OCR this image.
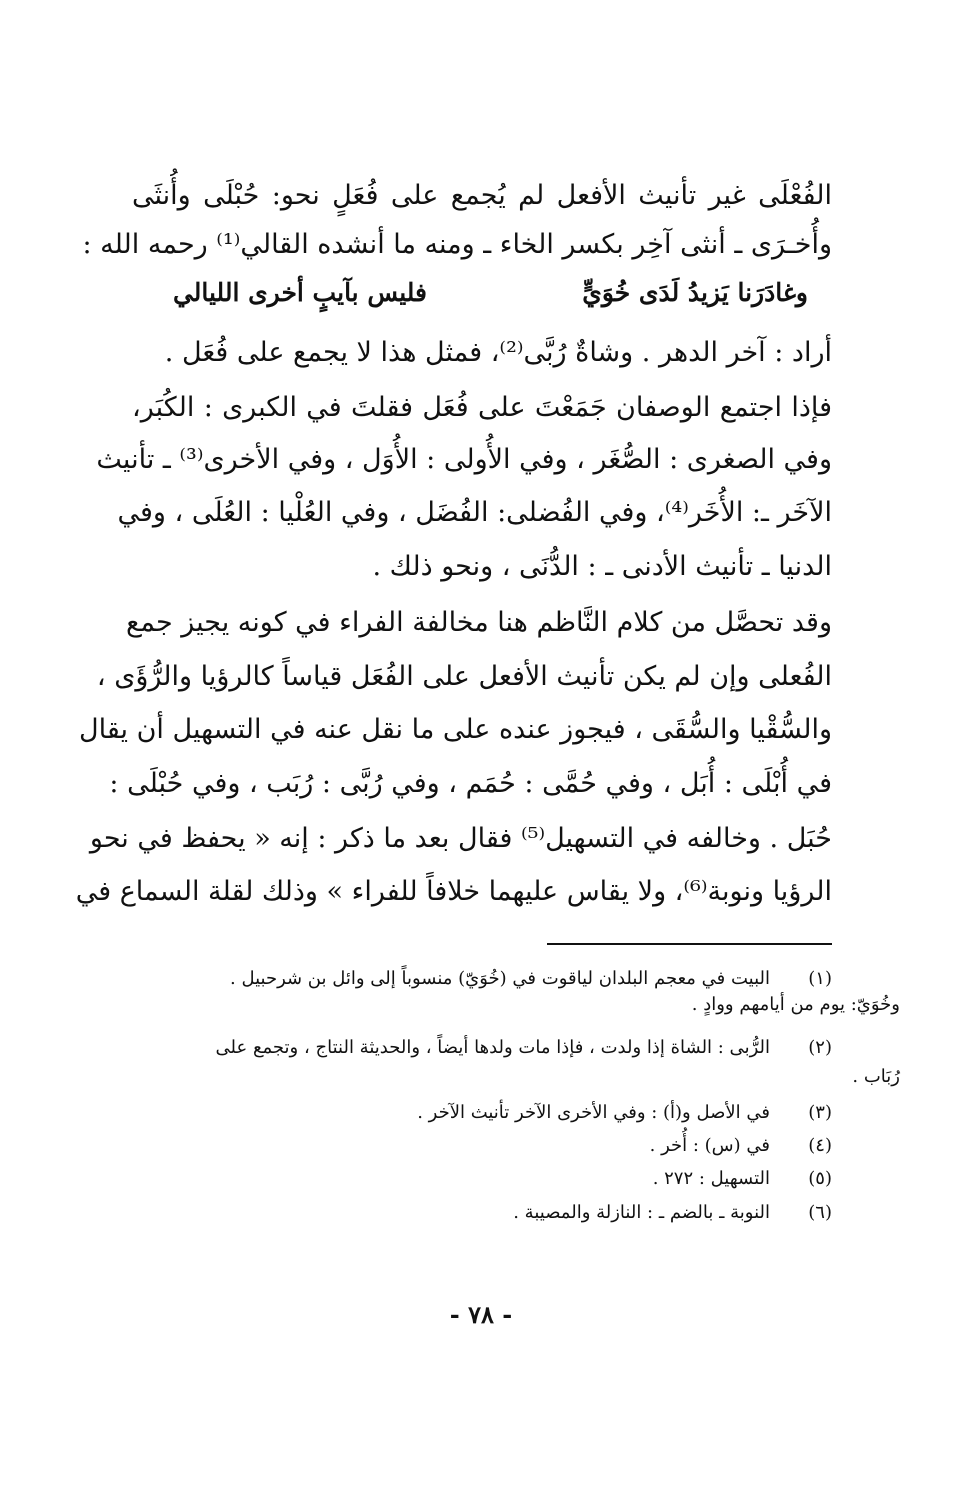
الفُعْلَى غير تأنيث الأفعل لم يُجمع على فُعَلٍ نحو: حُبْلَى وأُنثَى
وأُخـرَى ـ أنثى آخِر بكسر الخاء ـ ومنه ما أنشده القالي⁽¹⁾ رحمه الله :
فليس بآيبٍ أخرى الليالي	وغادَرَنا يَزيدُ لَدَى خُوَيٍّ
أراد : آخر الدهر . وشاةٌ رُبَّى⁽²⁾، فمثل هذا لا يجمع على فُعَل .
فإذا اجتمع الوصفان جَمَعْتَ على فُعَل فقلتَ في الكبرى : الكُبَر،
وفي الصغرى : الصُّغَر ، وفي الأُولى : الأُوَل ، وفي الأخرى⁽³⁾ ـ تأنيث
الآخَر ـ: الأُخَر⁽⁴⁾، وفي الفُضلى: الفُضَل ، وفي العُلْيا : العُلَى ، وفي
الدنيا ـ تأنيث الأدنى ـ : الدُّنَى ، ونحو ذلك .
وقد تحصَّل من كلام النَّاظم هنا مخالفة الفراء في كونه يجيز جمع
الفُعلى وإن لم يكن تأنيث الأفعل على الفُعَل قياساً كالرؤيا والرُّؤَى ،
والسُّقْيا والسُّقَى ، فيجوز عنده على ما نقل عنه في التسهيل أن يقال
في أُبْلَى : أُبَل ، وفي حُمَّى : حُمَم ، وفي رُبَّى : رُبَب ، وفي حُبْلَى :
حُبَل . وخالفه في التسهيل⁽⁵⁾ فقال بعد ما ذكر : إنه « يحفظ في نحو
الرؤيا ونوبة⁽⁶⁾، ولا يقاس عليهما خلافاً للفراء » وذلك لقلة السماع في
(١)
البيت في معجم البلدان لياقوت في (خُوَيّ) منسوباً إلى وائل بن شرحبيل .
وخُوَيّ: يوم من أيامهم ووادٍ .
(٢)
الرُّبى : الشاة إذا ولدت ، فإذا مات ولدها أيضاً ، والحديثة النتاج ، وتجمع على
رُبَاب .
(٣)
في الأصل و(أ) : وفي الأخرى الآخر تأنيث الآخر .
(٤)
في (س) : أُخر .
(٥)
التسهيل : ٢٧٢ .
(٦)
النوبة ـ بالضم ـ : النازلة والمصيبة .
- ٧٨ -
